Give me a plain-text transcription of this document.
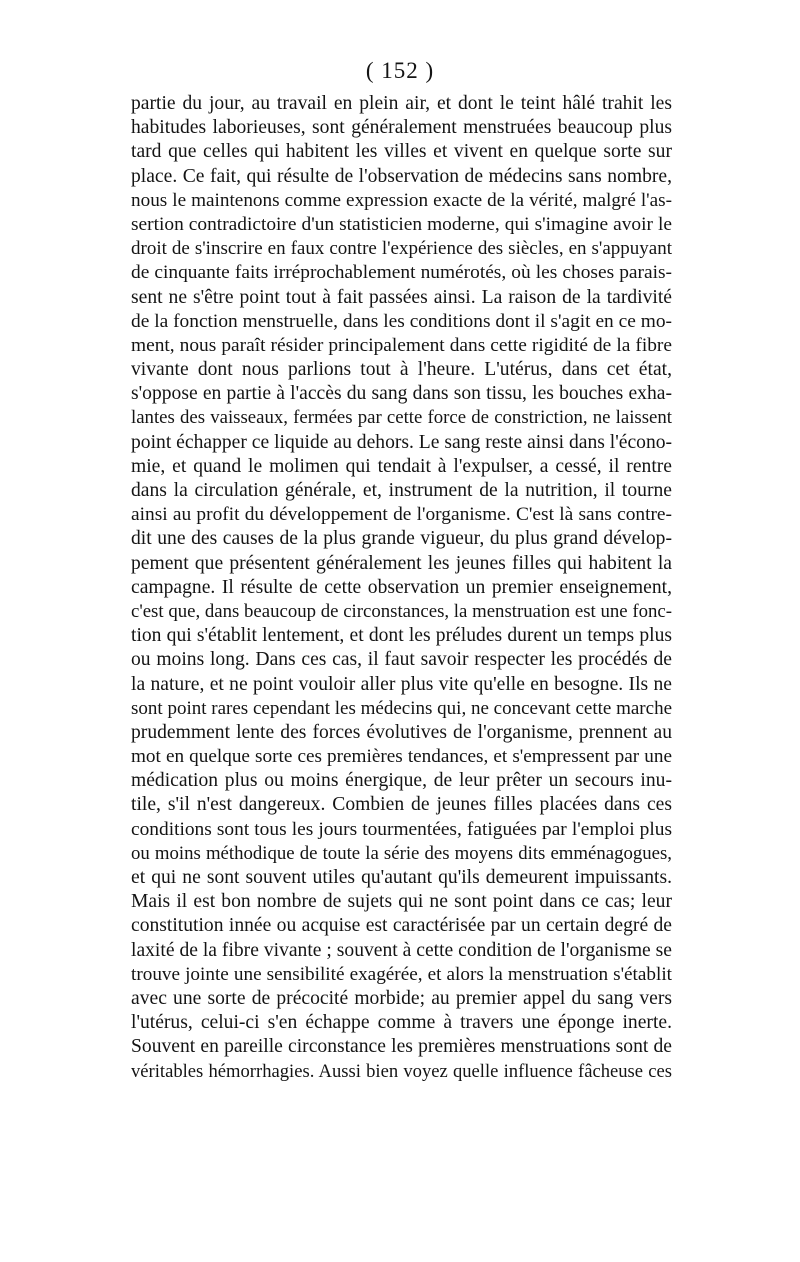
( 152 )
partie du jour, au travail en plein air, et dont le teint hâlé trahit les
habitudes laborieuses, sont généralement menstruées beaucoup plus
tard que celles qui habitent les villes et vivent en quelque sorte sur
place. Ce fait, qui résulte de l'observation de médecins sans nombre,
nous le maintenons comme expression exacte de la vérité, malgré l'as-
sertion contradictoire d'un statisticien moderne, qui s'imagine avoir le
droit de s'inscrire en faux contre l'expérience des siècles, en s'appuyant
de cinquante faits irréprochablement numérotés, où les choses parais-
sent ne s'être point tout à fait passées ainsi. La raison de la tardivité
de la fonction menstruelle, dans les conditions dont il s'agit en ce mo-
ment, nous paraît résider principalement dans cette rigidité de la fibre
vivante dont nous parlions tout à l'heure. L'utérus, dans cet état,
s'oppose en partie à l'accès du sang dans son tissu, les bouches exha-
lantes des vaisseaux, fermées par cette force de constriction, ne laissent
point échapper ce liquide au dehors. Le sang reste ainsi dans l'écono-
mie, et quand le molimen qui tendait à l'expulser, a cessé, il rentre
dans la circulation générale, et, instrument de la nutrition, il tourne
ainsi au profit du développement de l'organisme. C'est là sans contre-
dit une des causes de la plus grande vigueur, du plus grand dévelop-
pement que présentent généralement les jeunes filles qui habitent la
campagne. Il résulte de cette observation un premier enseignement,
c'est que, dans beaucoup de circonstances, la menstruation est une fonc-
tion qui s'établit lentement, et dont les préludes durent un temps plus
ou moins long. Dans ces cas, il faut savoir respecter les procédés de
la nature, et ne point vouloir aller plus vite qu'elle en besogne. Ils ne
sont point rares cependant les médecins qui, ne concevant cette marche
prudemment lente des forces évolutives de l'organisme, prennent au
mot en quelque sorte ces premières tendances, et s'empressent par une
médication plus ou moins énergique, de leur prêter un secours inu-
tile, s'il n'est dangereux. Combien de jeunes filles placées dans ces
conditions sont tous les jours tourmentées, fatiguées par l'emploi plus
ou moins méthodique de toute la série des moyens dits emménagogues,
et qui ne sont souvent utiles qu'autant qu'ils demeurent impuissants.
Mais il est bon nombre de sujets qui ne sont point dans ce cas; leur
constitution innée ou acquise est caractérisée par un certain degré de
laxité de la fibre vivante ; souvent à cette condition de l'organisme se
trouve jointe une sensibilité exagérée, et alors la menstruation s'établit
avec une sorte de précocité morbide; au premier appel du sang vers
l'utérus, celui-ci s'en échappe comme à travers une éponge inerte.
Souvent en pareille circonstance les premières menstruations sont de
véritables hémorrhagies. Aussi bien voyez quelle influence fâcheuse ces
